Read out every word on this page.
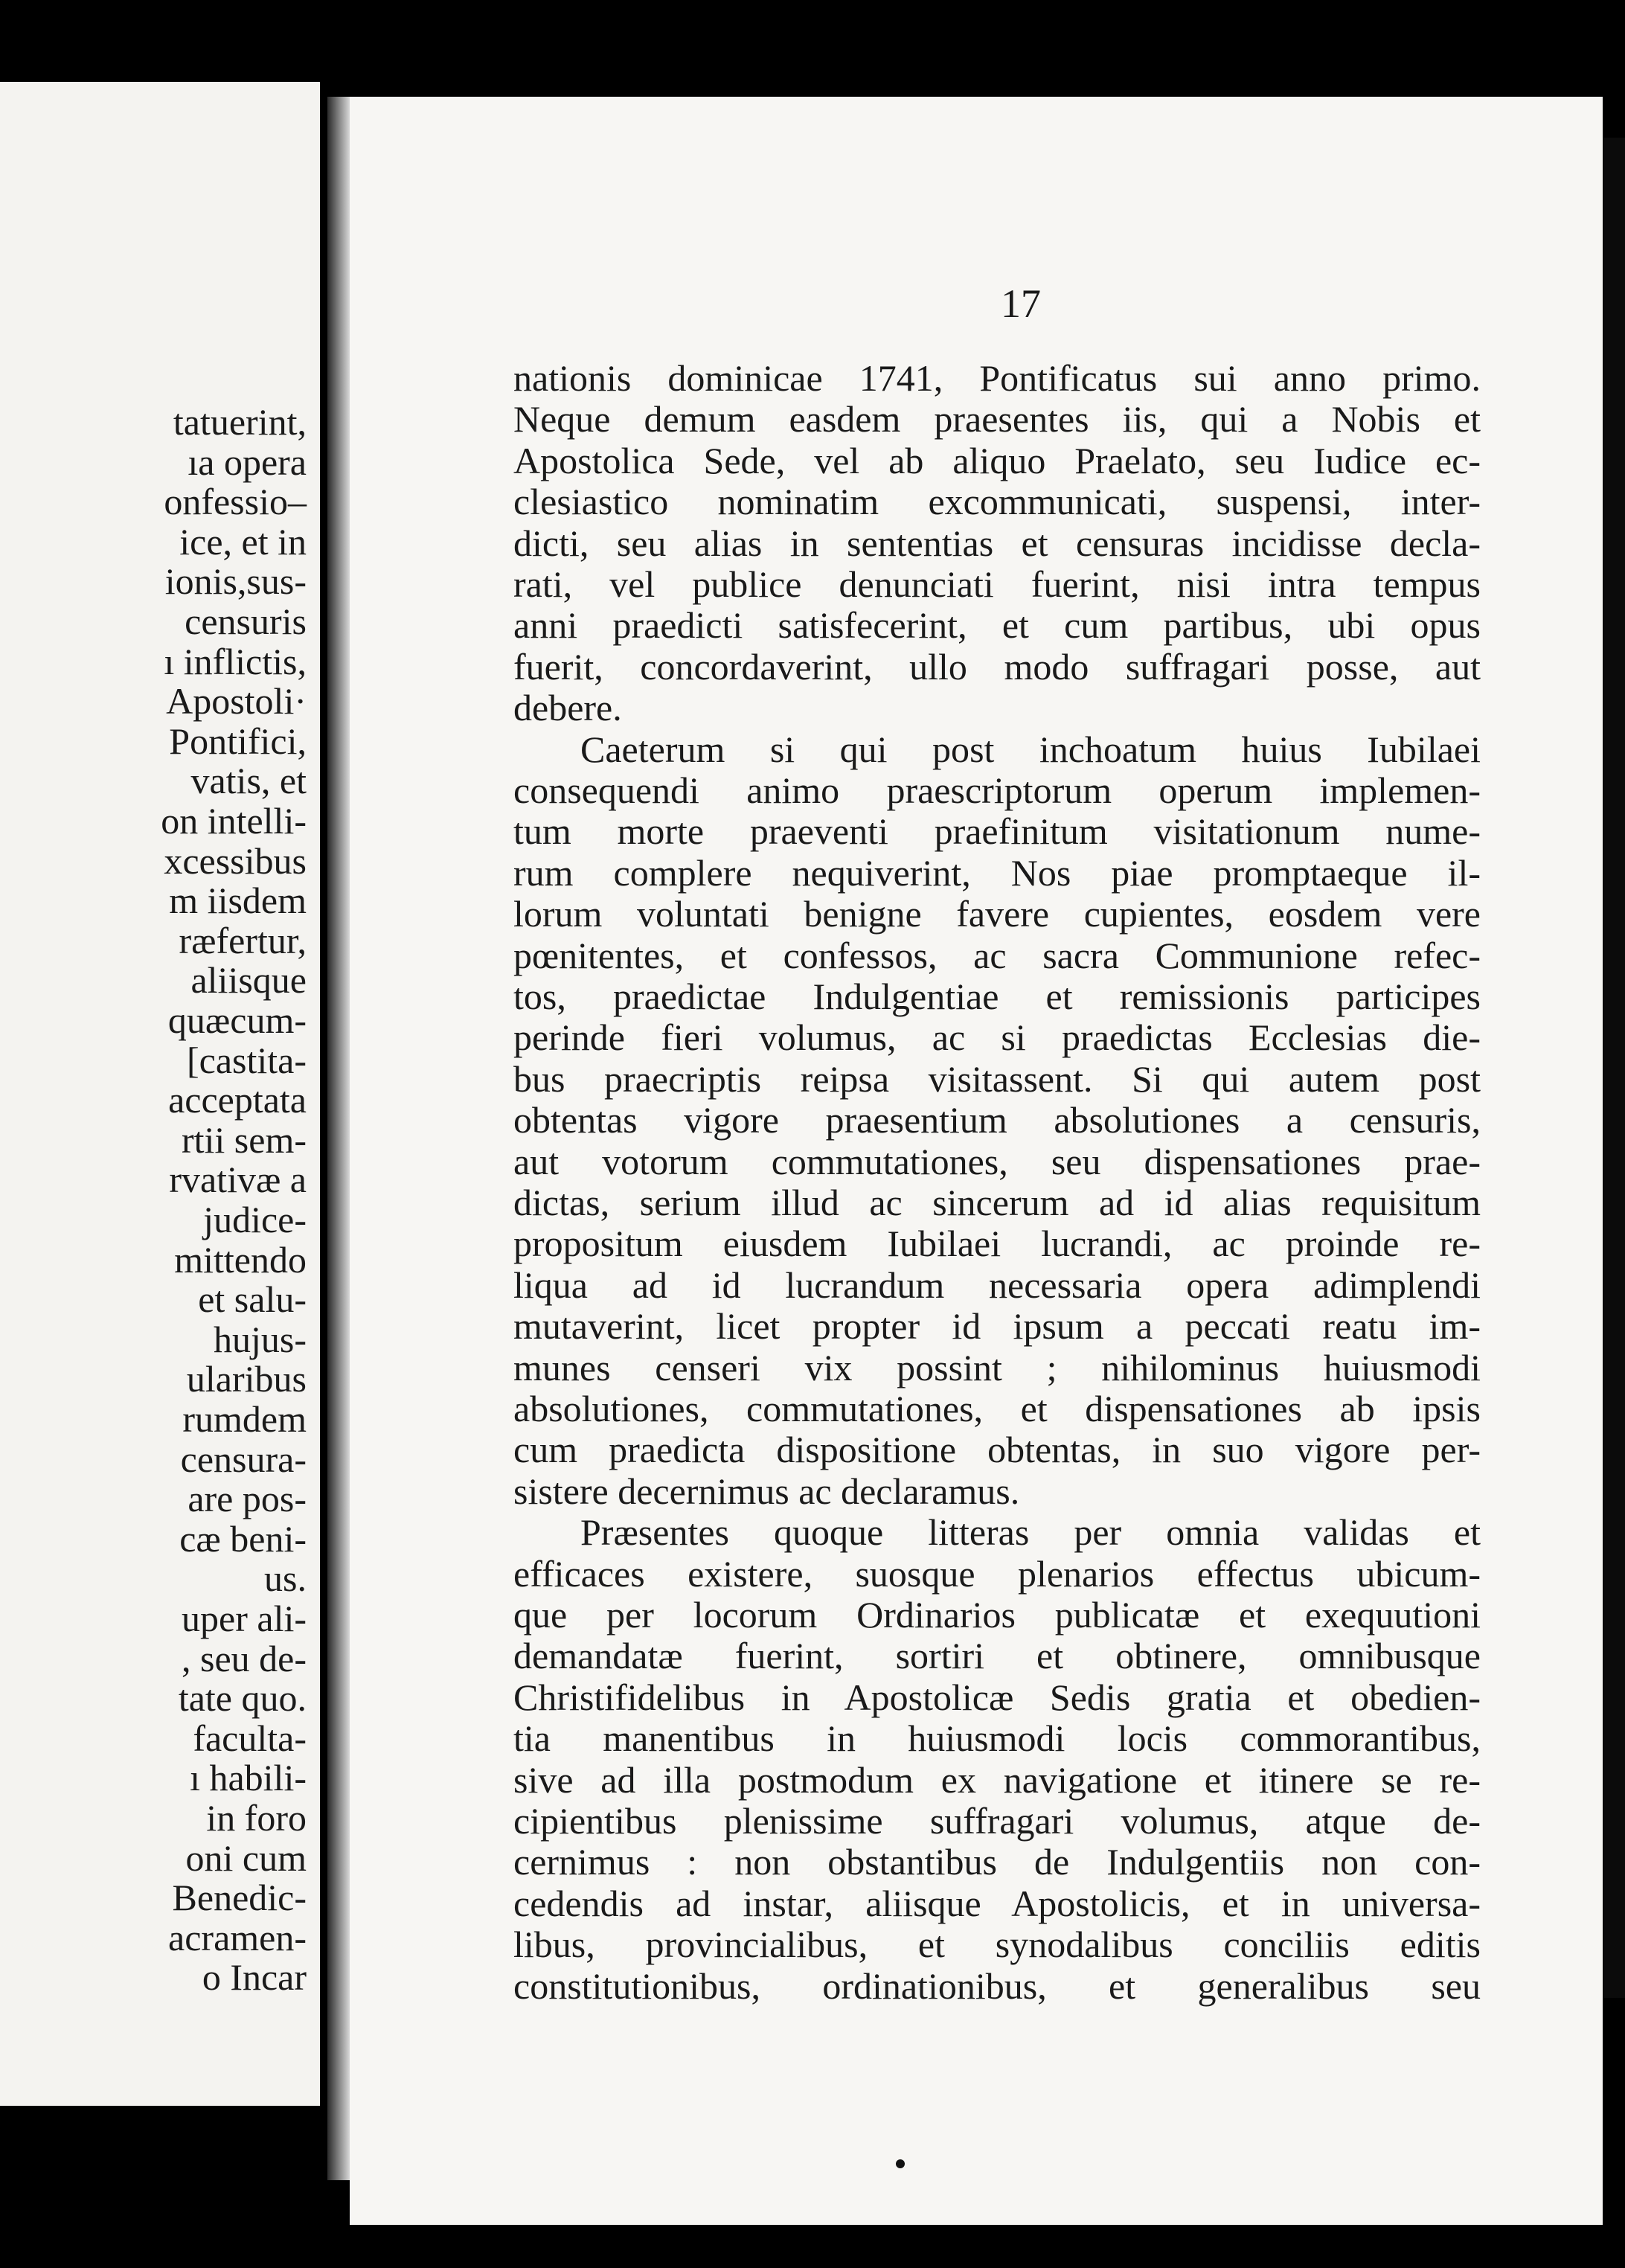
tatuerint,
ıa opera
onfessio–
ice, et in
ionis,sus-
censuris
ı inflictis,
Apostoli·
Pontifici,
vatis, et
on intelli-
xcessibus
m iisdem
ræfertur,
aliisque
quæcum-
[castita-
acceptata
rtii sem-
rvativæ a
judice-
mittendo
et salu-
hujus-
ularibus
rumdem
censura-
are pos-
cæ beni-
us.
uper ali-
, seu de-
tate quo.
faculta-
ı habili-
in foro
oni cum
Benedic-
acramen-
o Incar
17
nationis dominicae 1741, Pontificatus sui anno primo.
Neque demum easdem praesentes iis, qui a Nobis et
Apostolica Sede, vel ab aliquo Praelato, seu Iudice ec-
clesiastico nominatim excommunicati, suspensi, inter-
dicti, seu alias in sententias et censuras incidisse decla-
rati, vel publice denunciati fuerint, nisi intra tempus
anni praedicti satisfecerint, et cum partibus, ubi opus
fuerit, concordaverint, ullo modo suffragari posse, aut
debere.
Caeterum si qui post inchoatum huius Iubilaei
consequendi animo praescriptorum operum implemen-
tum morte praeventi praefinitum visitationum nume-
rum complere nequiverint, Nos piae promptaeque il-
lorum voluntati benigne favere cupientes, eosdem vere
pœnitentes, et confessos, ac sacra Communione refec-
tos, praedictae Indulgentiae et remissionis participes
perinde fieri volumus, ac si praedictas Ecclesias die-
bus praecriptis reipsa visitassent. Si qui autem post
obtentas vigore praesentium absolutiones a censuris,
aut votorum commutationes, seu dispensationes prae-
dictas, serium illud ac sincerum ad id alias requisitum
propositum eiusdem Iubilaei lucrandi, ac proinde re-
liqua ad id lucrandum necessaria opera adimplendi
mutaverint, licet propter id ipsum a peccati reatu im-
munes censeri vix possint ; nihilominus huiusmodi
absolutiones, commutationes, et dispensationes ab ipsis
cum praedicta dispositione obtentas, in suo vigore per-
sistere decernimus ac declaramus.
Præsentes quoque litteras per omnia validas et
efficaces existere, suosque plenarios effectus ubicum-
que per locorum Ordinarios publicatæ et exequutioni
demandatæ fuerint, sortiri et obtinere, omnibusque
Christifidelibus in Apostolicæ Sedis gratia et obedien-
tia manentibus in huiusmodi locis commorantibus,
sive ad illa postmodum ex navigatione et itinere se re-
cipientibus plenissime suffragari volumus, atque de-
cernimus : non obstantibus de Indulgentiis non con-
cedendis ad instar, aliisque Apostolicis, et in universa-
libus, provincialibus, et synodalibus conciliis editis
constitutionibus, ordinationibus, et generalibus seu
